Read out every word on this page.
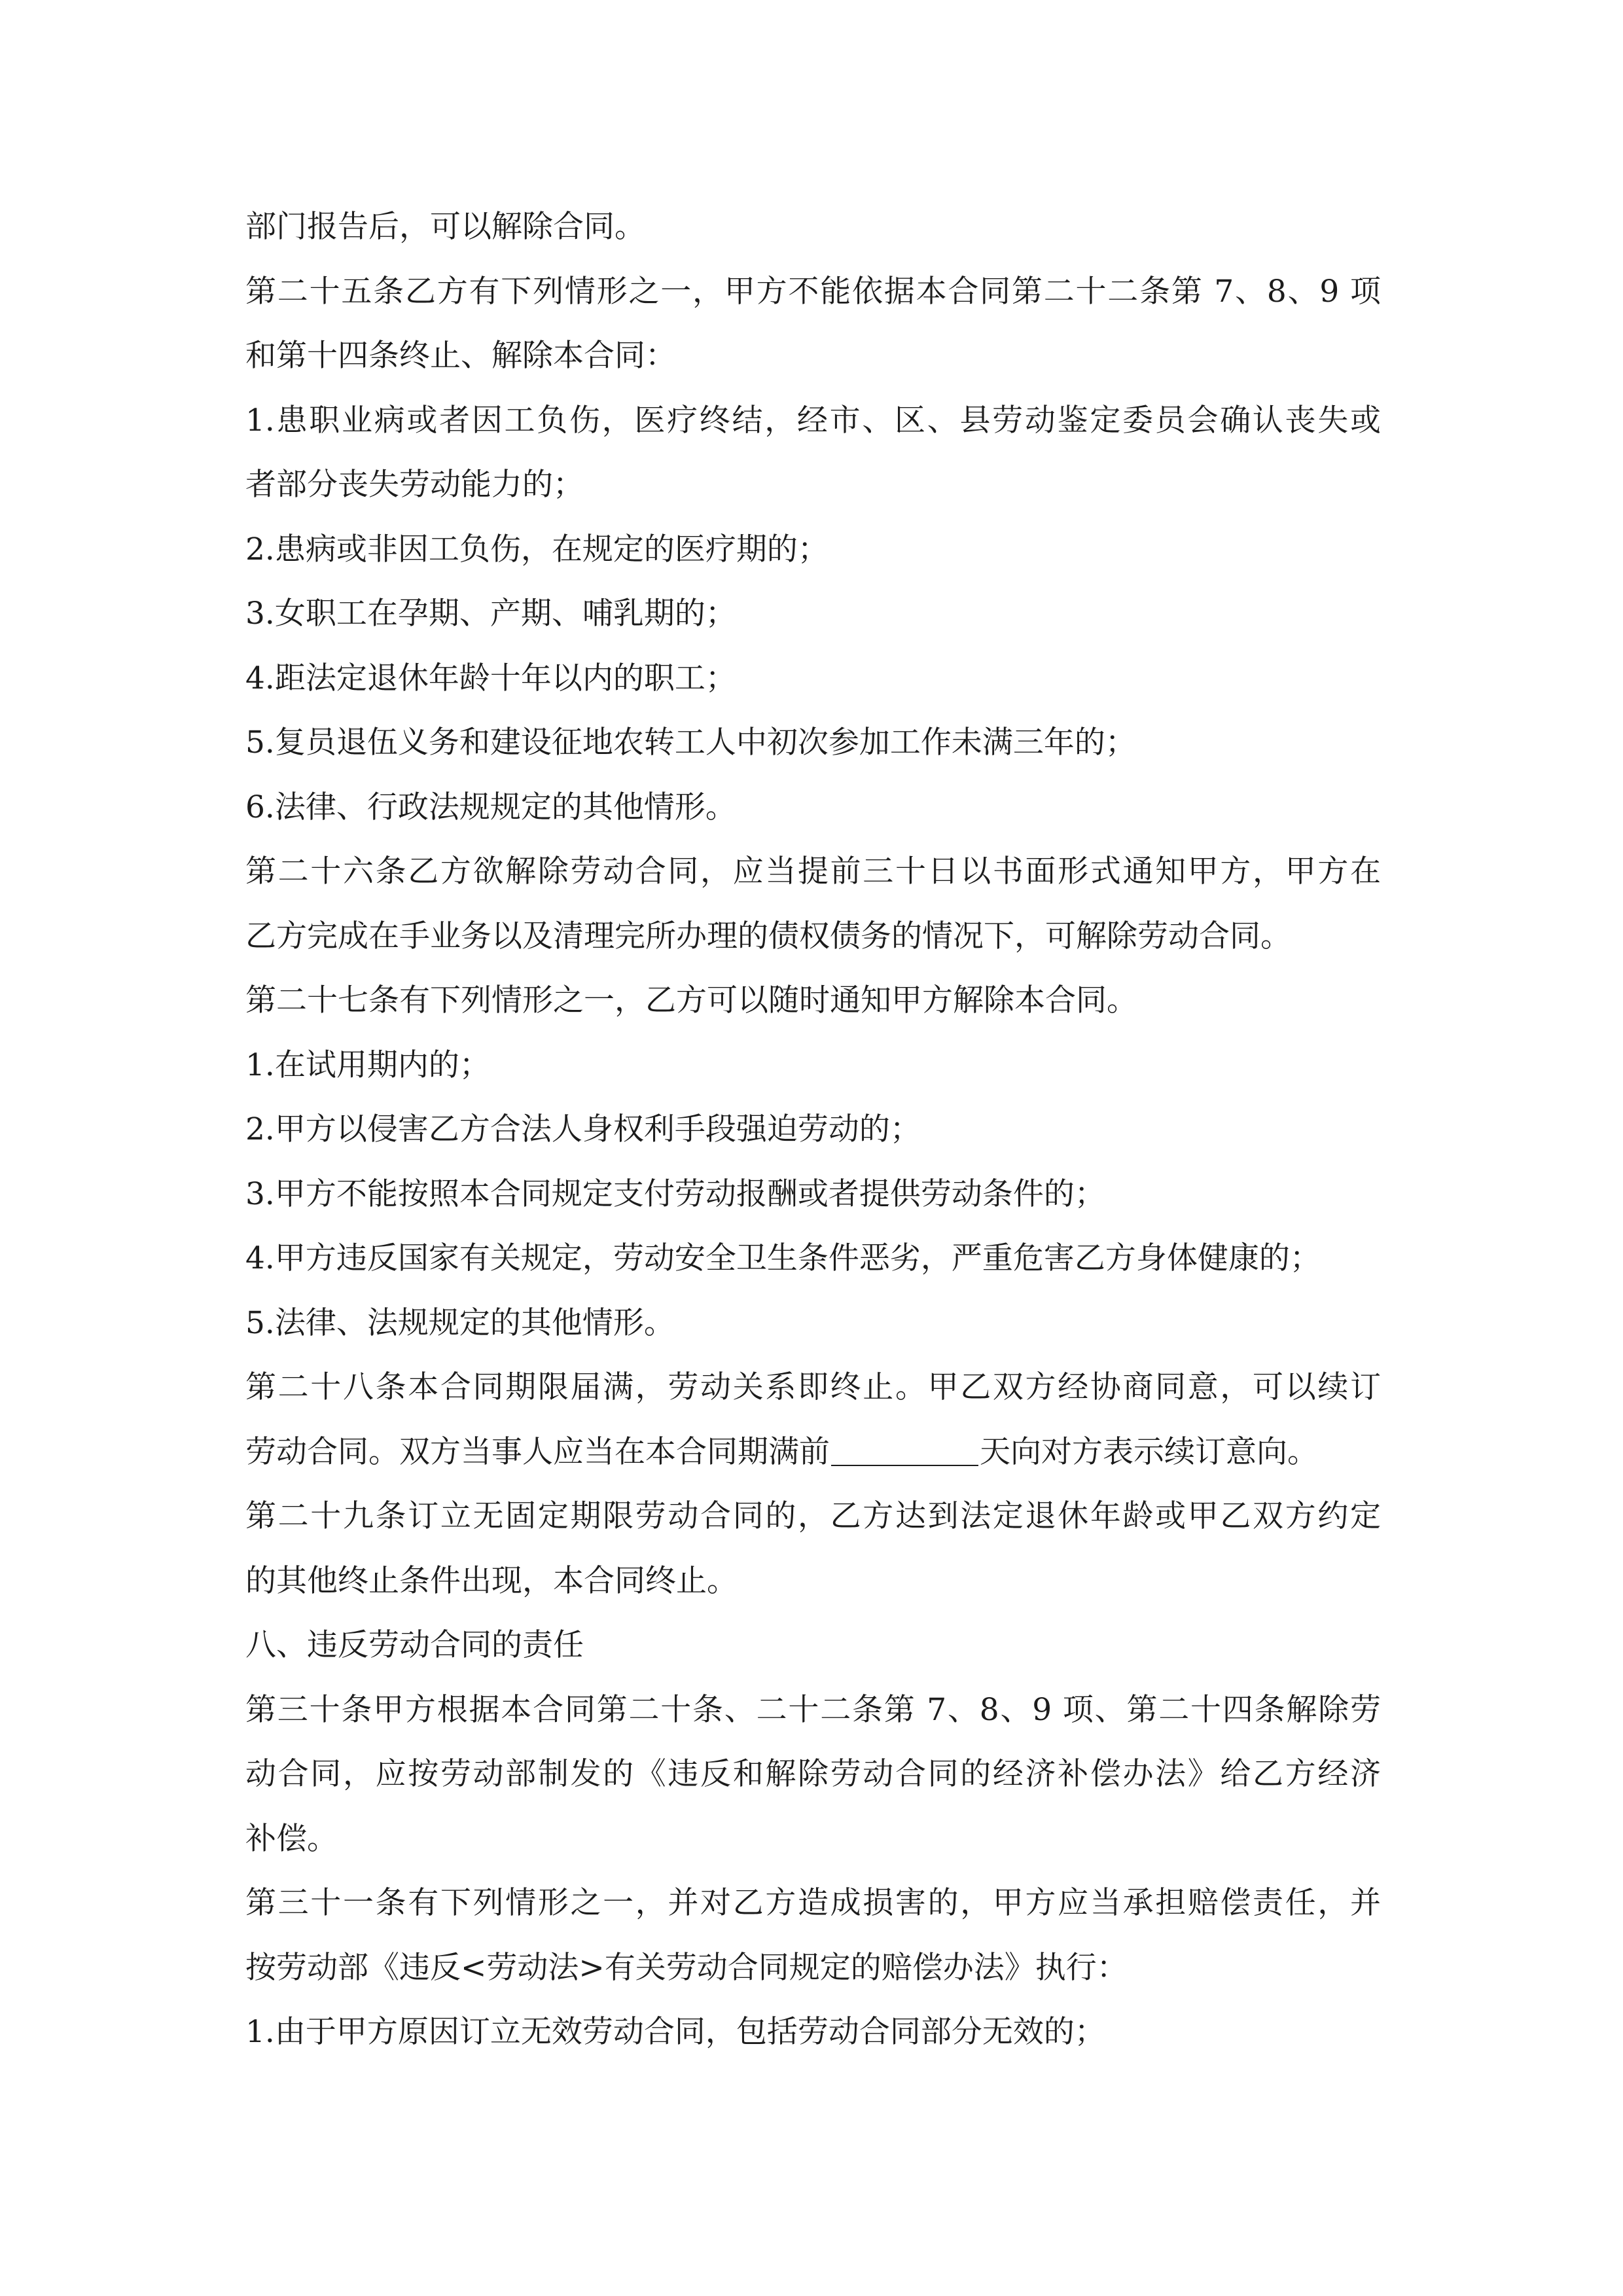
部门报告后，可以解除合同。
第二十五条乙方有下列情形之一，甲方不能依据本合同第二十二条第 7、8、9 项
和第十四条终止、解除本合同：
1.患职业病或者因工负伤，医疗终结，经市、区、县劳动鉴定委员会确认丧失或
者部分丧失劳动能力的；
2.患病或非因工负伤，在规定的医疗期的；
3.女职工在孕期、产期、哺乳期的；
4.距法定退休年龄十年以内的职工；
5.复员退伍义务和建设征地农转工人中初次参加工作未满三年的；
6.法律、行政法规规定的其他情形。
第二十六条乙方欲解除劳动合同，应当提前三十日以书面形式通知甲方，甲方在
乙方完成在手业务以及清理完所办理的债权债务的情况下，可解除劳动合同。
第二十七条有下列情形之一，乙方可以随时通知甲方解除本合同。
1.在试用期内的；
2.甲方以侵害乙方合法人身权利手段强迫劳动的；
3.甲方不能按照本合同规定支付劳动报酬或者提供劳动条件的；
4.甲方违反国家有关规定，劳动安全卫生条件恶劣，严重危害乙方身体健康的；
5.法律、法规规定的其他情形。
第二十八条本合同期限届满，劳动关系即终止。甲乙双方经协商同意，可以续订
劳动合同。双方当事人应当在本合同期满前	天向对方表示续订意向。
第二十九条订立无固定期限劳动合同的，乙方达到法定退休年龄或甲乙双方约定
的其他终止条件出现，本合同终止。
八、违反劳动合同的责任
第三十条甲方根据本合同第二十条、二十二条第 7、8、9 项、第二十四条解除劳
动合同，应按劳动部制发的《违反和解除劳动合同的经济补偿办法》给乙方经济
补偿。
第三十一条有下列情形之一，并对乙方造成损害的，甲方应当承担赔偿责任，并
按劳动部《违反<劳动法>有关劳动合同规定的赔偿办法》执行：
1.由于甲方原因订立无效劳动合同，包括劳动合同部分无效的；
